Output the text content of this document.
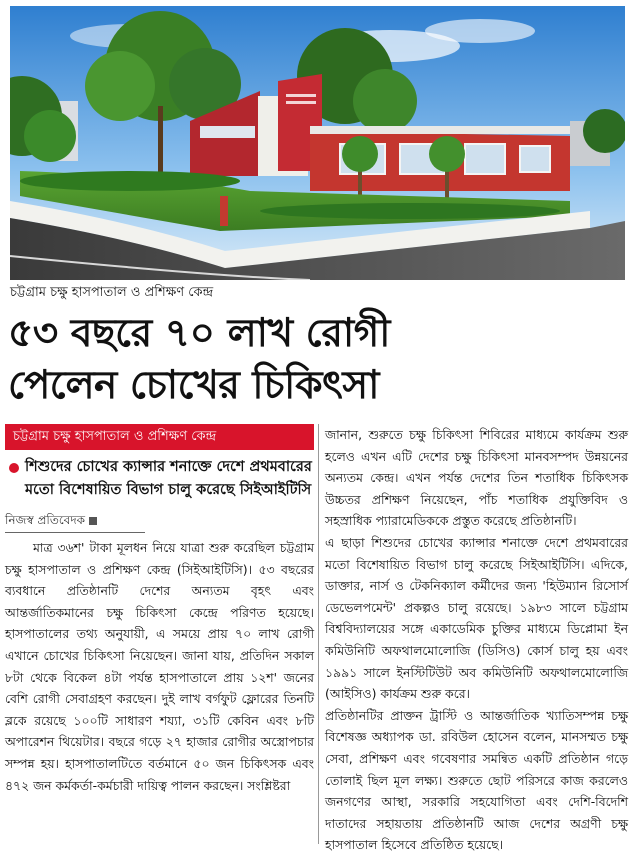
চট্টগ্রাম চক্ষু হাসপাতাল ও প্রশিক্ষণ কেন্দ্র
৫৩ বছরে ৭০ লাখ রোগী
পেলেন চোখের চিকিৎসা
চট্টগ্রাম চক্ষু হাসপাতাল ও প্রশিক্ষণ কেন্দ্র
শিশুদের চোখের ক্যান্সার শনাক্তে দেশে প্রথমবারের মতো বিশেষায়িত বিভাগ চালু করেছে সিইআইটিসি
নিজস্ব প্রতিবেদক

মাত্র ৩৬শ' টাকা মূলধন নিয়ে যাত্রা শুরু করেছিল চট্টগ্রাম চক্ষু হাসপাতাল ও প্রশিক্ষণ কেন্দ্র (সিইআইটিসি)। ৫৩ বছরের ব্যবধানে প্রতিষ্ঠানটি দেশের অন্যতম বৃহৎ এবং আন্তর্জাতিকমানের চক্ষু চিকিৎসা কেন্দ্রে পরিণত হয়েছে। হাসপাতালের তথ্য অনুযায়ী, এ সময়ে প্রায় ৭০ লাখ রোগী এখানে চোখের চিকিৎসা নিয়েছেন। জানা যায়, প্রতিদিন সকাল ৮টা থেকে বিকেল ৪টা পর্যন্ত হাসপাতালে প্রায় ১২শ' জনের বেশি রোগী সেবাগ্রহণ করছেন। দুই লাখ বর্গফুট ফ্লোরের তিনটি ব্লকে রয়েছে ১০০টি সাধারণ শয্যা, ৩১টি কেবিন এবং ৮টি অপারেশন থিয়েটার। বছরে গড়ে ২৭ হাজার রোগীর অস্ত্রোপচার সম্পন্ন হয়। হাসপাতালটিতে বর্তমানে ৫০ জন চিকিৎসক এবং ৪৭২ জন কর্মকর্তা-কর্মচারী দায়িত্ব পালন করছেন। সংশ্লিষ্টরা

জানান, শুরুতে চক্ষু চিকিৎসা শিবিরের মাধ্যমে কার্যক্রম শুরু হলেও এখন এটি দেশের চক্ষু চিকিৎসা মানবসম্পদ উন্নয়নের অন্যতম কেন্দ্র। এখন পর্যন্ত দেশের তিন শতাধিক চিকিৎসক উচ্চতর প্রশিক্ষণ নিয়েছেন, পাঁচ শতাধিক প্রযুক্তিবিদ ও সহস্রাধিক প্যারামেডিককে প্রস্তুত করেছে প্রতিষ্ঠানটি।

এ ছাড়া শিশুদের চোখের ক্যান্সার শনাক্তে দেশে প্রথমবারের মতো বিশেষায়িত বিভাগ চালু করেছে সিইআইটিসি। এদিকে, ডাক্তার, নার্স ও টেকনিক্যাল কর্মীদের জন্য 'হিউম্যান রিসোর্স ডেভেলপমেন্ট' প্রকল্পও চালু রয়েছে। ১৯৮৩ সালে চট্টগ্রাম বিশ্ববিদ্যালয়ের সঙ্গে একাডেমিক চুক্তির মাধ্যমে ডিপ্লোমা ইন কমিউনিটি অফথালমোলোজি (ডিসিও) কোর্স চালু হয় এবং ১৯৯১ সালে ইনস্টিটিউট অব কমিউনিটি অফথালমোলোজি (আইসিও) কার্যক্রম শুরু করে।

প্রতিষ্ঠানটির প্রাক্তন ট্রাস্টি ও আন্তর্জাতিক খ্যাতিসম্পন্ন চক্ষু বিশেষজ্ঞ অধ্যাপক ডা. রবিউল হোসেন বলেন, মানসম্মত চক্ষু সেবা, প্রশিক্ষণ এবং গবেষণার সমন্বিত একটি প্রতিষ্ঠান গড়ে তোলাই ছিল মূল লক্ষ্য। শুরুতে ছোট পরিসরে কাজ করলেও জনগণের আস্থা, সরকারি সহযোগিতা এবং দেশি-বিদেশি দাতাদের সহায়তায় প্রতিষ্ঠানটি আজ দেশের অগ্রণী চক্ষু হাসপাতাল হিসেবে প্রতিষ্ঠিত হয়েছে।
